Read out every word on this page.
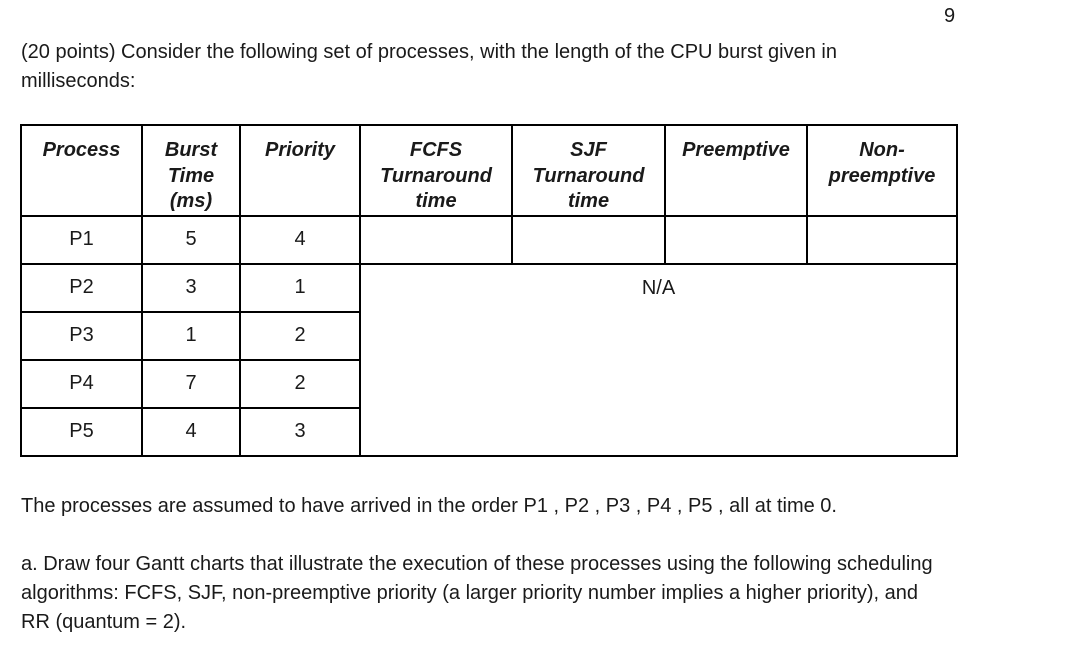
9

(20 points) Consider the following set of processes, with the length of the CPU burst given in milliseconds:

Process	Burst Time (ms)	Priority	FCFS Turnaround time	SJF Turnaround time	Preemptive	Non-preemptive

P1	5	4				
P2	3	1	N/A			
P3	1	2				
P4	7	2				
P5	4	3				

The processes are assumed to have arrived in the order P1 , P2 , P3 , P4 , P5 , all at time 0.

a. Draw four Gantt charts that illustrate the execution of these processes using the following scheduling algorithms: FCFS, SJF, non-preemptive priority (a larger priority number implies a higher priority), and RR (quantum = 2).
